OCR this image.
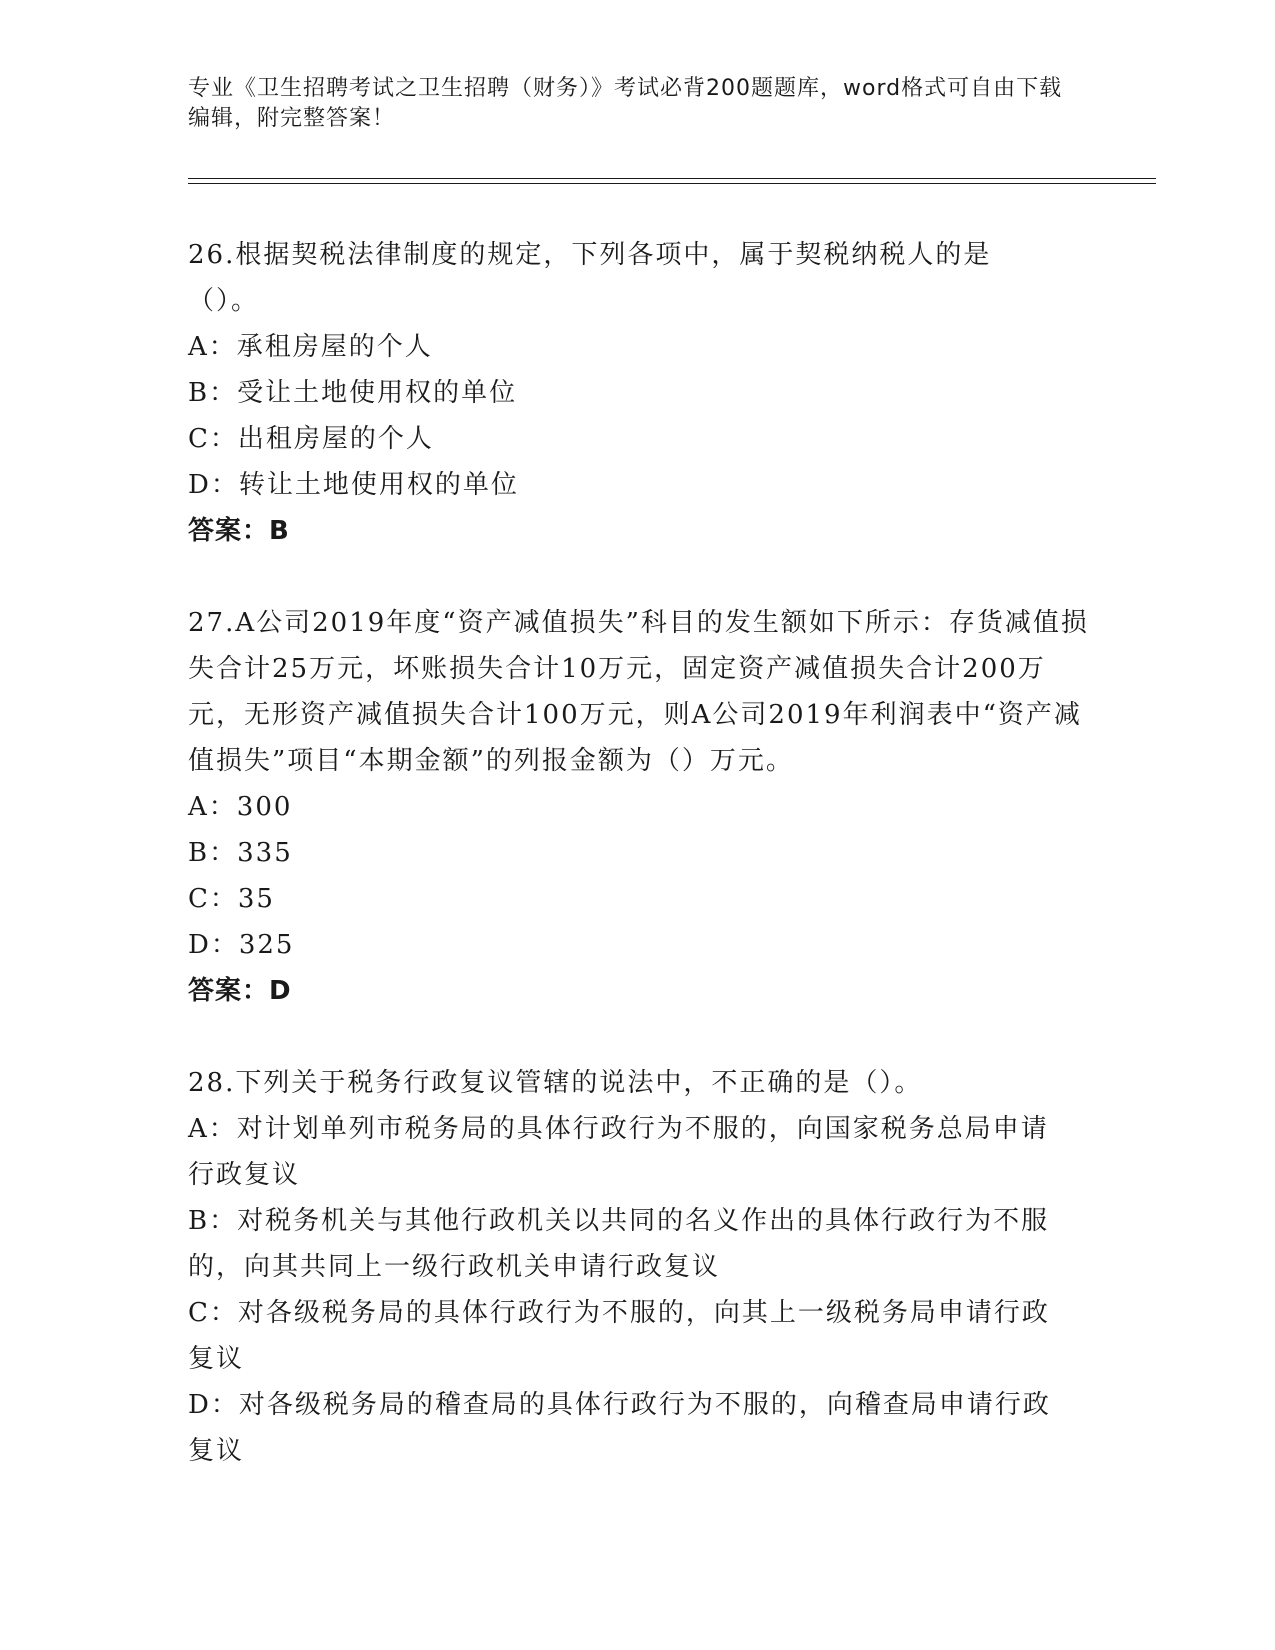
专业《卫生招聘考试之卫生招聘（财务）》考试必背200题题库，word格式可自由下载编辑，附完整答案！

26.根据契税法律制度的规定，下列各项中，属于契税纳税人的是（）。

A：承租房屋的个人

B：受让土地使用权的单位

C：出租房屋的个人

D：转让土地使用权的单位

答案：B

27.A公司2019年度“资产减值损失”科目的发生额如下所示：存货减值损失合计25万元，坏账损失合计10万元，固定资产减值损失合计200万元，无形资产减值损失合计100万元，则A公司2019年利润表中“资产减值损失”项目“本期金额”的列报金额为（）万元。

A：300

B：335

C：35

D：325

答案：D

28.下列关于税务行政复议管辖的说法中，不正确的是（）。

A：对计划单列市税务局的具体行政行为不服的，向国家税务总局申请行政复议

B：对税务机关与其他行政机关以共同的名义作出的具体行政行为不服的，向其共同上一级行政机关申请行政复议

C：对各级税务局的具体行政行为不服的，向其上一级税务局申请行政复议

D：对各级税务局的稽查局的具体行政行为不服的，向稽查局申请行政复议
